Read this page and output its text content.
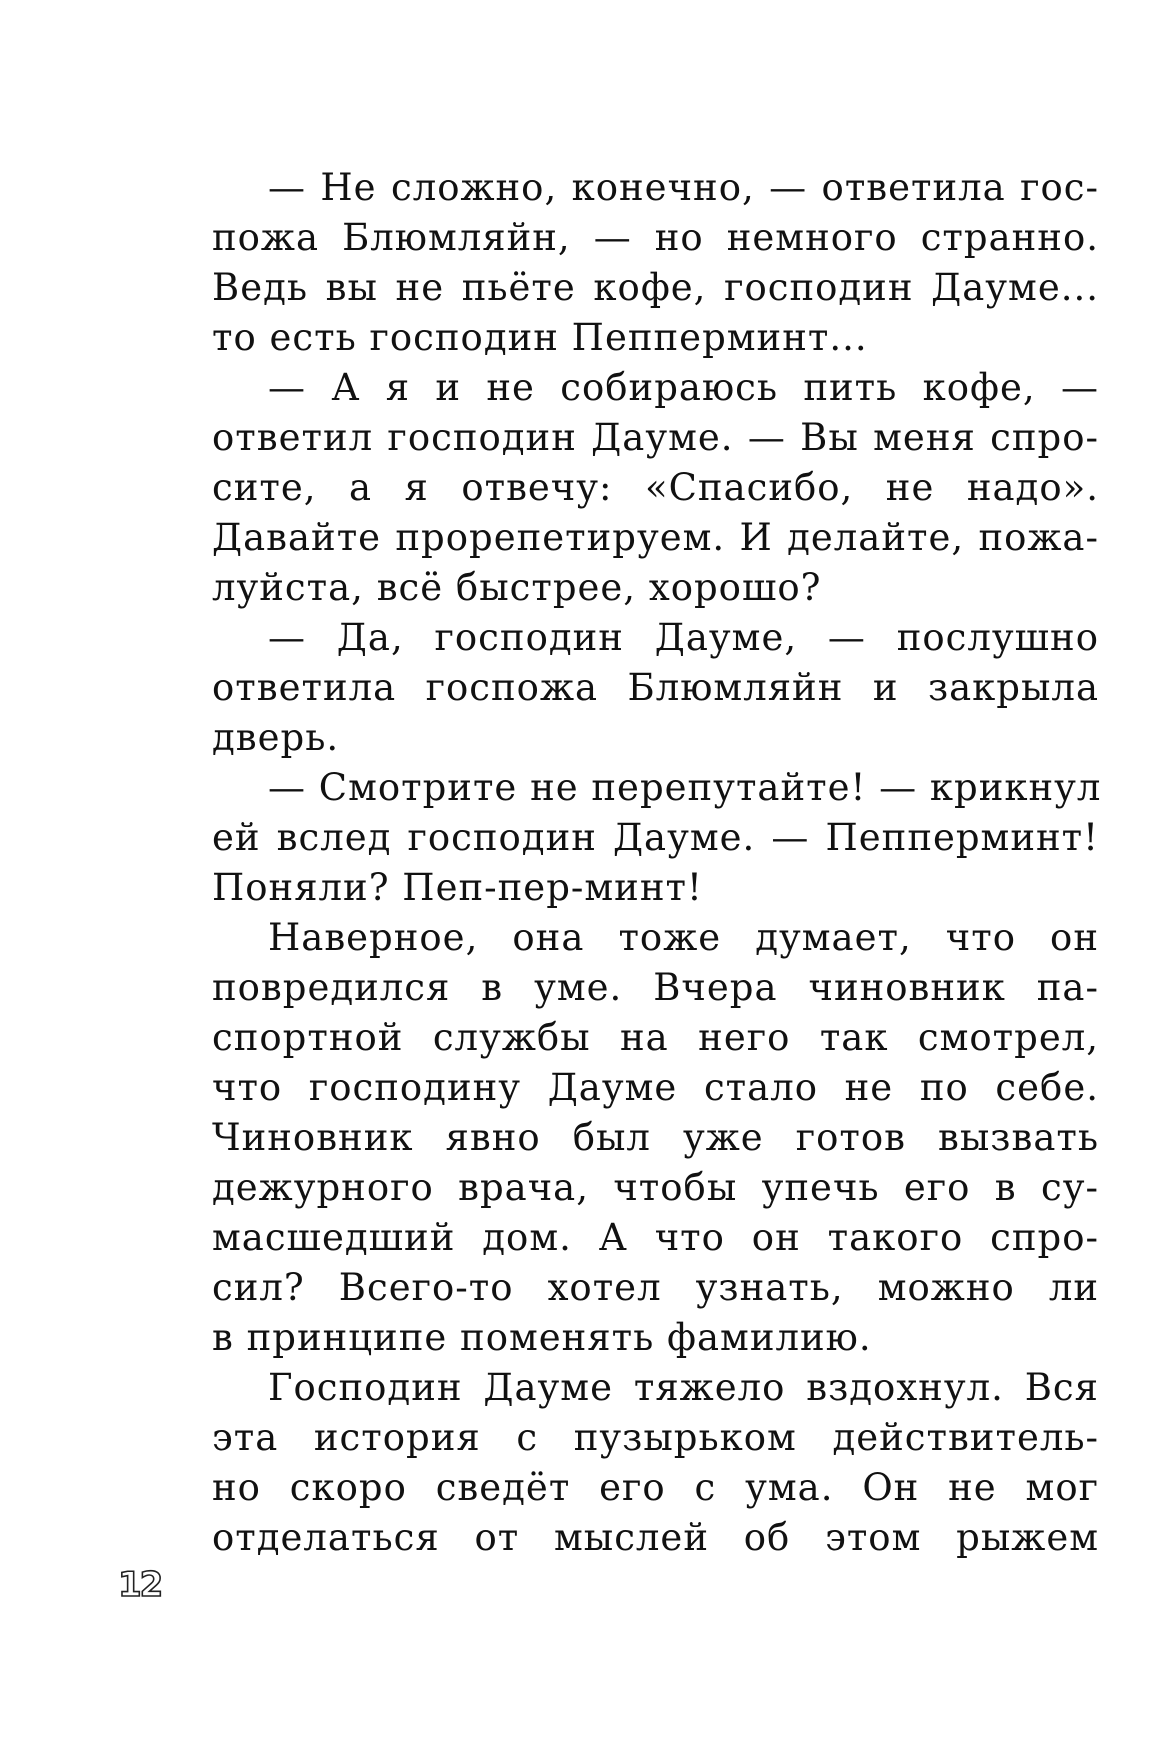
— Не сложно, конечно, — ответила гос-
пожа Блюмляйн, — но немного странно.
Ведь вы не пьёте кофе, господин Дауме...
то есть господин Пепперминт...

— А я и не собираюсь пить кофе, —
ответил господин Дауме. — Вы меня спро-
сите, а я отвечу: «Спасибо, не надо».
Давайте прорепетируем. И делайте, пожа-
луйста, всё быстрее, хорошо?

— Да, господин Дауме, — послушно
ответила госпожа Блюмляйн и закрыла
дверь.

— Смотрите не перепутайте! — крикнул
ей вслед господин Дауме. — Пепперминт!
Поняли? Пеп-пер-минт!

Наверное, она тоже думает, что он
повредился в уме. Вчера чиновник па-
спортной службы на него так смотрел,
что господину Дауме стало не по себе.
Чиновник явно был уже готов вызвать
дежурного врача, чтобы упечь его в су-
масшедший дом. А что он такого спро-
сил? Всего-то хотел узнать, можно ли
в принципе поменять фамилию.

Господин Дауме тяжело вздохнул. Вся
эта история с пузырьком действитель-
но скоро сведёт его с ума. Он не мог
отделаться от мыслей об этом рыжем

12
